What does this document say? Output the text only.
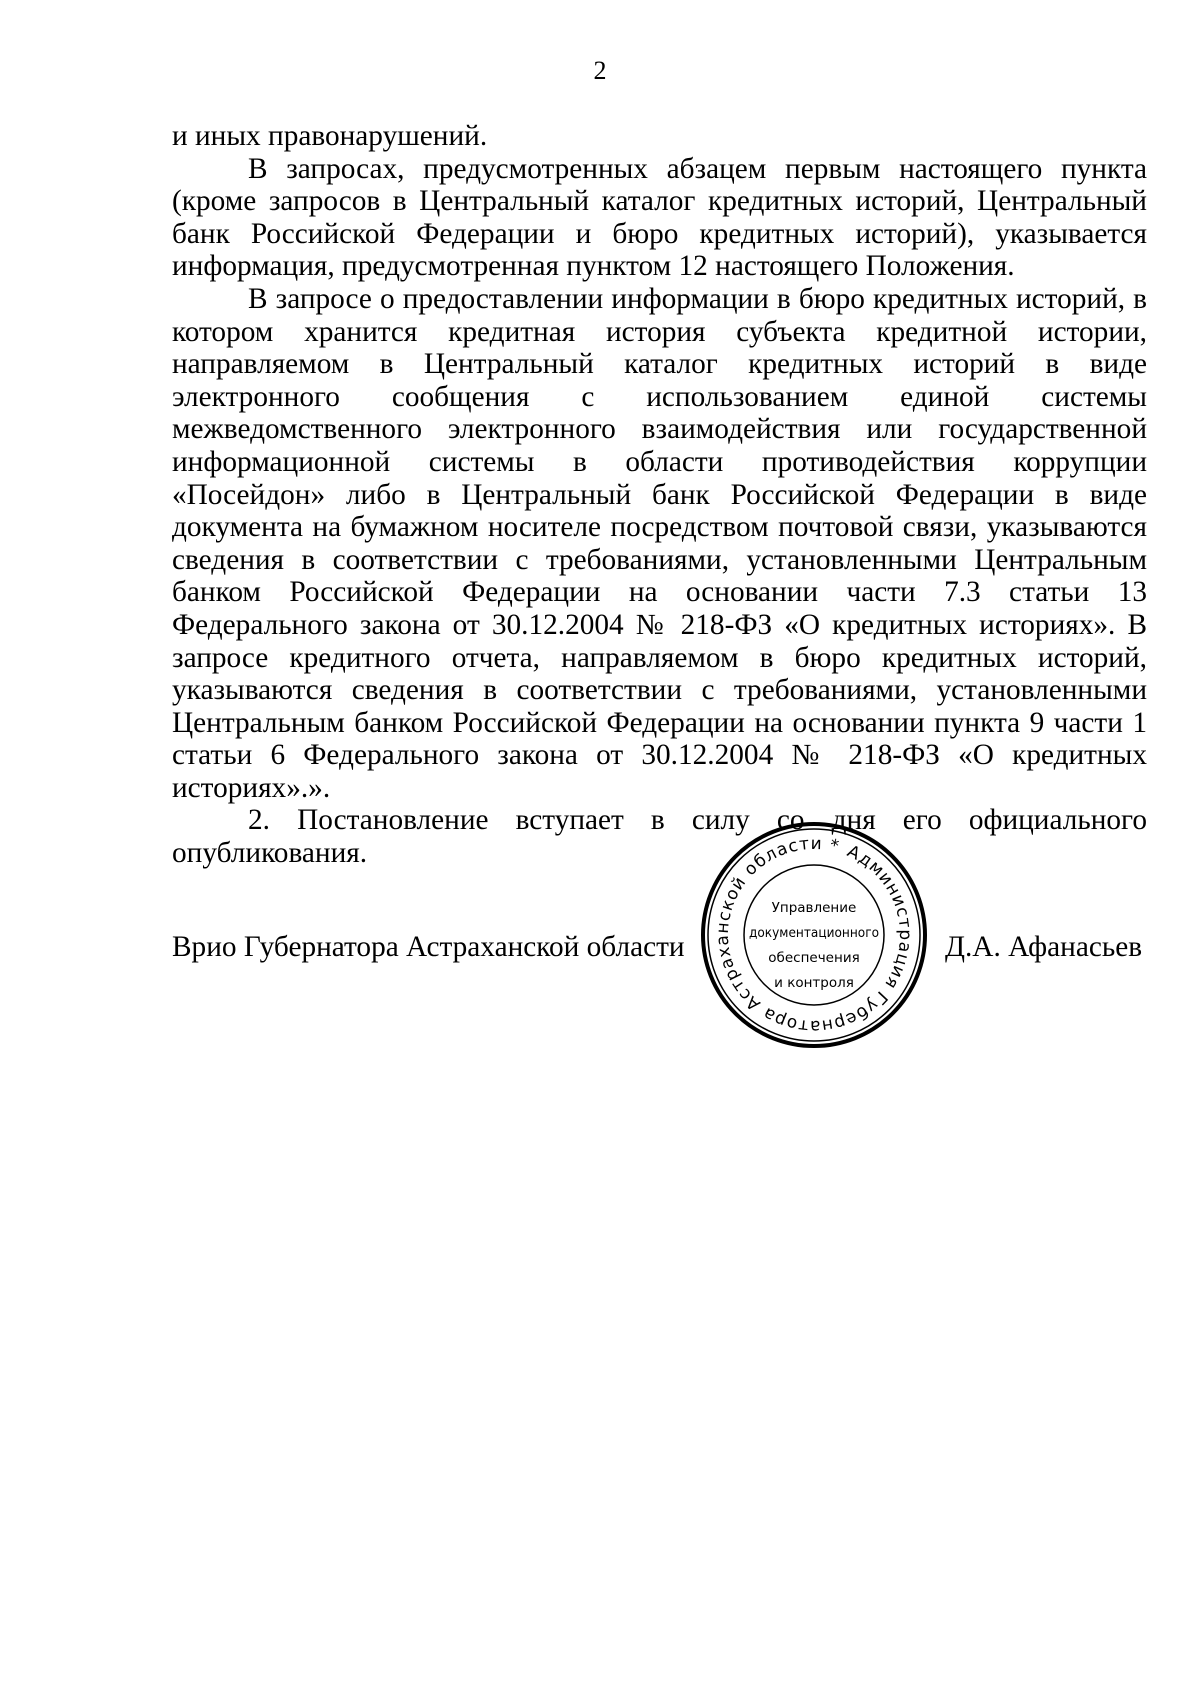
2

и иных правонарушений.

В запросах, предусмотренных абзацем первым настоящего пункта (кроме запросов в Центральный каталог кредитных историй, Центральный банк Российской Федерации и бюро кредитных историй), указывается информация, предусмотренная пунктом 12 настоящего Положения.

В запросе о предоставлении информации в бюро кредитных историй, в котором хранится кредитная история субъекта кредитной истории, направляемом в Центральный каталог кредитных историй в виде электронного сообщения с использованием единой системы межведомственного электронного взаимодействия или государственной информационной системы в области противодействия коррупции «Посейдон» либо в Центральный банк Российской Федерации в виде документа на бумажном носителе посредством почтовой связи, указываются сведения в соответствии с требованиями, установленными Центральным банком Российской Федерации на основании части 7.3 статьи 13 Федерального закона от 30.12.2004 № 218-ФЗ «О кредитных историях». В запросе кредитного отчета, направляемом в бюро кредитных историй, указываются сведения в соответствии с требованиями, установленными Центральным банком Российской Федерации на основании пункта 9 части 1 статьи 6 Федерального закона от 30.12.2004 № 218-ФЗ «О кредитных историях».».

2. Постановление вступает в силу со дня его официального опубликования.

Врио Губернатора Астраханской области
Администрация Губернатора Астраханской области *
Управление
документационного
обеспечения
и контроля
Д.А. Афанасьев
